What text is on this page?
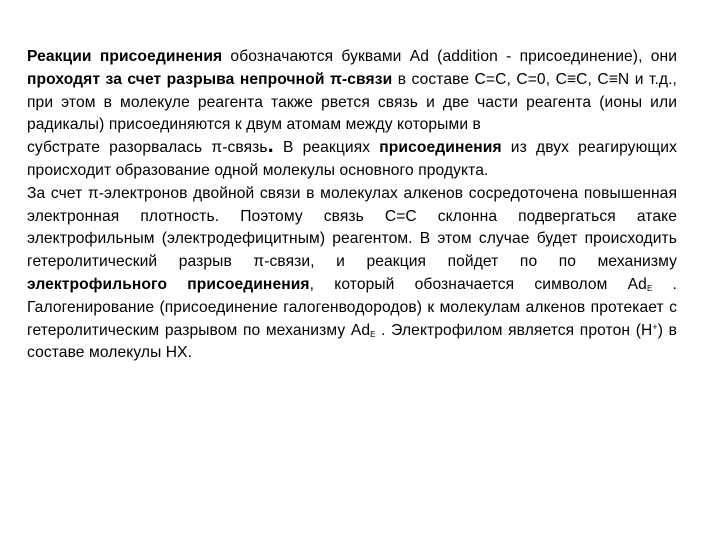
Реакции присоединения обозначаются буквами Ad (addition - присоединение), они проходят за счет разрыва непрочной π-связи в составе С=С, С=0, С≡С, С≡N и т.д., при этом в молекуле реагента также рвется связь и две части реагента (ионы или радикалы) присоединяются к двум атомам между которыми в

субстрате разорвалась π-связь. В реакциях присоединения из двух реагирующих происходит образование одной молекулы основного продукта.

За счет π-электронов двойной связи в молекулах алкенов сосредоточена повышенная электронная плотность. Поэтому связь С=С склонна подвергаться атаке электрофильным (электродефицитным) реагентом. В этом случае будет происходить гетеролитический разрыв π-связи, и реакция пойдет по по механизму электрофильного присоединения, который обозначается символом $Ad_E$ . Галогенирование (присоединение галогенводородов) к молекулам алкенов протекает с гетеролитическим разрывом по механизму $Ad_E$ . Электрофилом является протон (Н+) в составе молекулы НХ.
